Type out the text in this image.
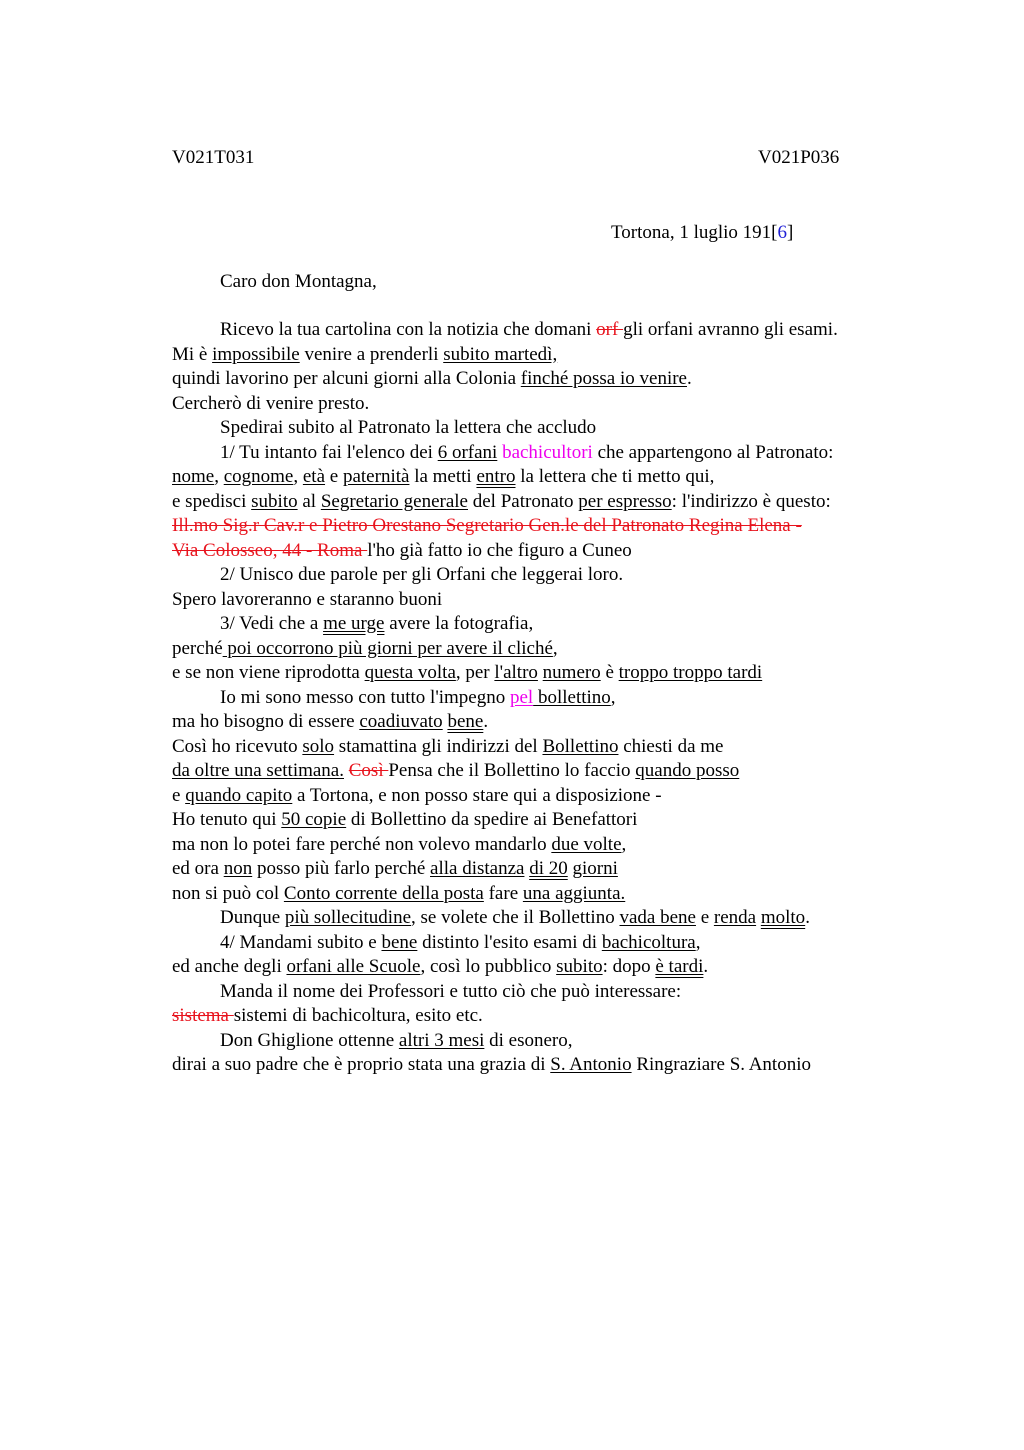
V021T031	V021P036
Tortona, 1 luglio 191[6]
Caro don Montagna,
Ricevo la tua cartolina con la notizia che domani orf gli orfani avranno gli esami.
Mi è impossibile venire a prenderli subito martedì,
quindi lavorino per alcuni giorni alla Colonia finché possa io venire.
Cercherò di venire presto.
Spedirai subito al Patronato la lettera che accludo
1/ Tu intanto fai l'elenco dei 6 orfani bachicultori che appartengono al Patronato:
nome, cognome, età e paternità la metti entro la lettera che ti metto qui,
e spedisci subito al Segretario generale del Patronato per espresso: l'indirizzo è questo:
Ill.mo Sig.r Cav.r e Pietro Orestano Segretario Gen.le del Patronato Regina Elena -
Via Colosseo, 44 - Roma l'ho già fatto io che figuro a Cuneo
2/ Unisco due parole per gli Orfani che leggerai loro.
Spero lavoreranno e staranno buoni
3/ Vedi che a me urge avere la fotografia,
perché poi occorrono più giorni per avere il cliché,
e se non viene riprodotta questa volta, per l'altro numero è troppo troppo tardi
Io mi sono messo con tutto l'impegno pel bollettino,
ma ho bisogno di essere coadiuvato bene.
Così ho ricevuto solo stamattina gli indirizzi del Bollettino chiesti da me
da oltre una settimana. Così Pensa che il Bollettino lo faccio quando posso
e quando capito a Tortona, e non posso stare qui a disposizione -
Ho tenuto qui 50 copie di Bollettino da spedire ai Benefattori
ma non lo potei fare perché non volevo mandarlo due volte,
ed ora non posso più farlo perché alla distanza di 20 giorni
non si può col Conto corrente della posta fare una aggiunta.
Dunque più sollecitudine, se volete che il Bollettino vada bene e renda molto.
4/ Mandami subito e bene distinto l'esito esami di bachicoltura,
ed anche degli orfani alle Scuole, così lo pubblico subito: dopo è tardi.
Manda il nome dei Professori e tutto ciò che può interessare:
sistema sistemi di bachicoltura, esito etc.
Don Ghiglione ottenne altri 3 mesi di esonero,
dirai a suo padre che è proprio stata una grazia di S. Antonio Ringraziare S. Antonio
